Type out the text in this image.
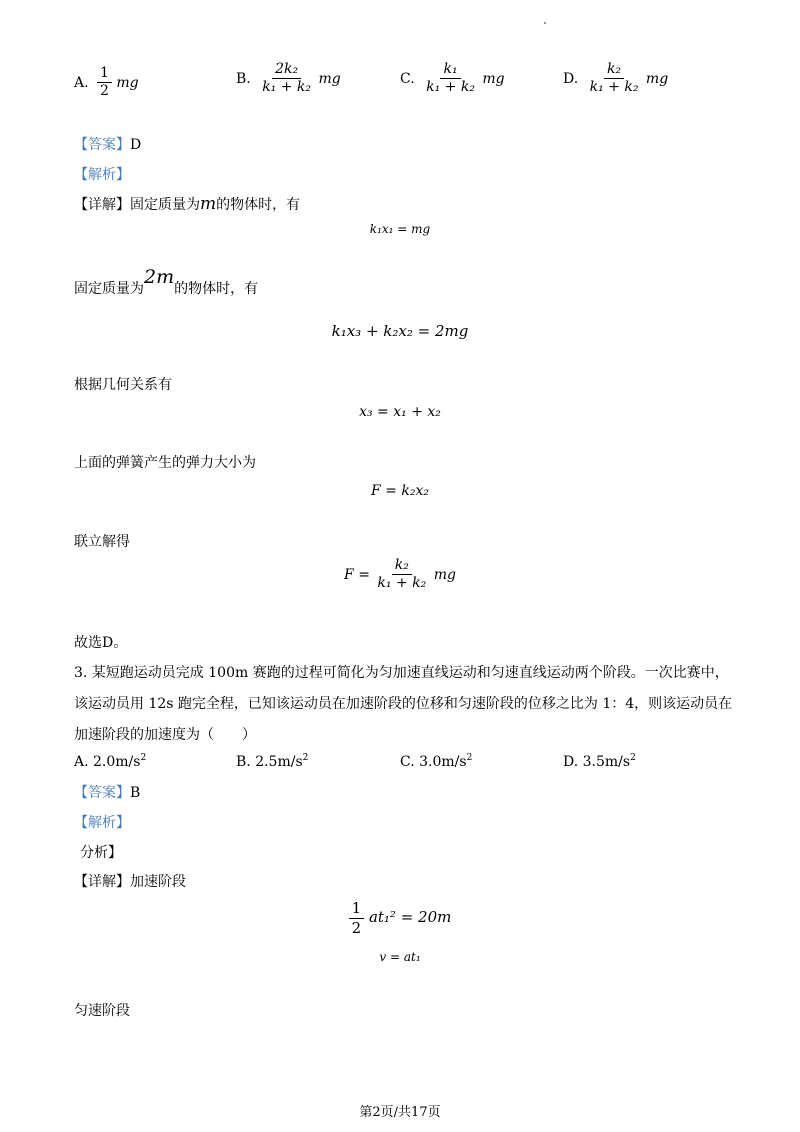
A. $\frac{1}{2}$ mg	B. $\frac{\text{2k₂}}{\text{k₁ + k₂}}$ mg	C. $\frac{\text{k₁}}{\text{k₁ + k₂}}$ mg	D. $\frac{\text{k₂}}{\text{k₁ + k₂}}$ mg
【答案】D
【解析】
【详解】固定质量为m的物体时，有
k₁x₁ = mg
固定质量为2m的物体时，有
k₁x₃ + k₂x₂ = 2mg
根据几何关系有
x₃ = x₁ + x₂
上面的弹簧产生的弹力大小为
F = k₂x₂
联立解得
$F = \frac{\text{k₂}}{\text{k₁ + k₂}}$ mg
故选D。
3. 某短跑运动员完成 100m 赛跑的过程可简化为匀加速直线运动和匀速直线运动两个阶段。一次比赛中，
该运动员用 12s 跑完全程，已知该运动员在加速阶段的位移和匀速阶段的位移之比为 1：4，则该运动员在
加速阶段的加速度为（　　）
A. $2.0m/s^2$	B. $2.5m/s^2$	C. $3.0m/s^2$	D. $3.5m/s^2$
【答案】B
【解析】
分析】
【详解】加速阶段
$\frac{1}{2} at_1^2 = 20m$
v = at₁
匀速阶段
第2页/共17页
